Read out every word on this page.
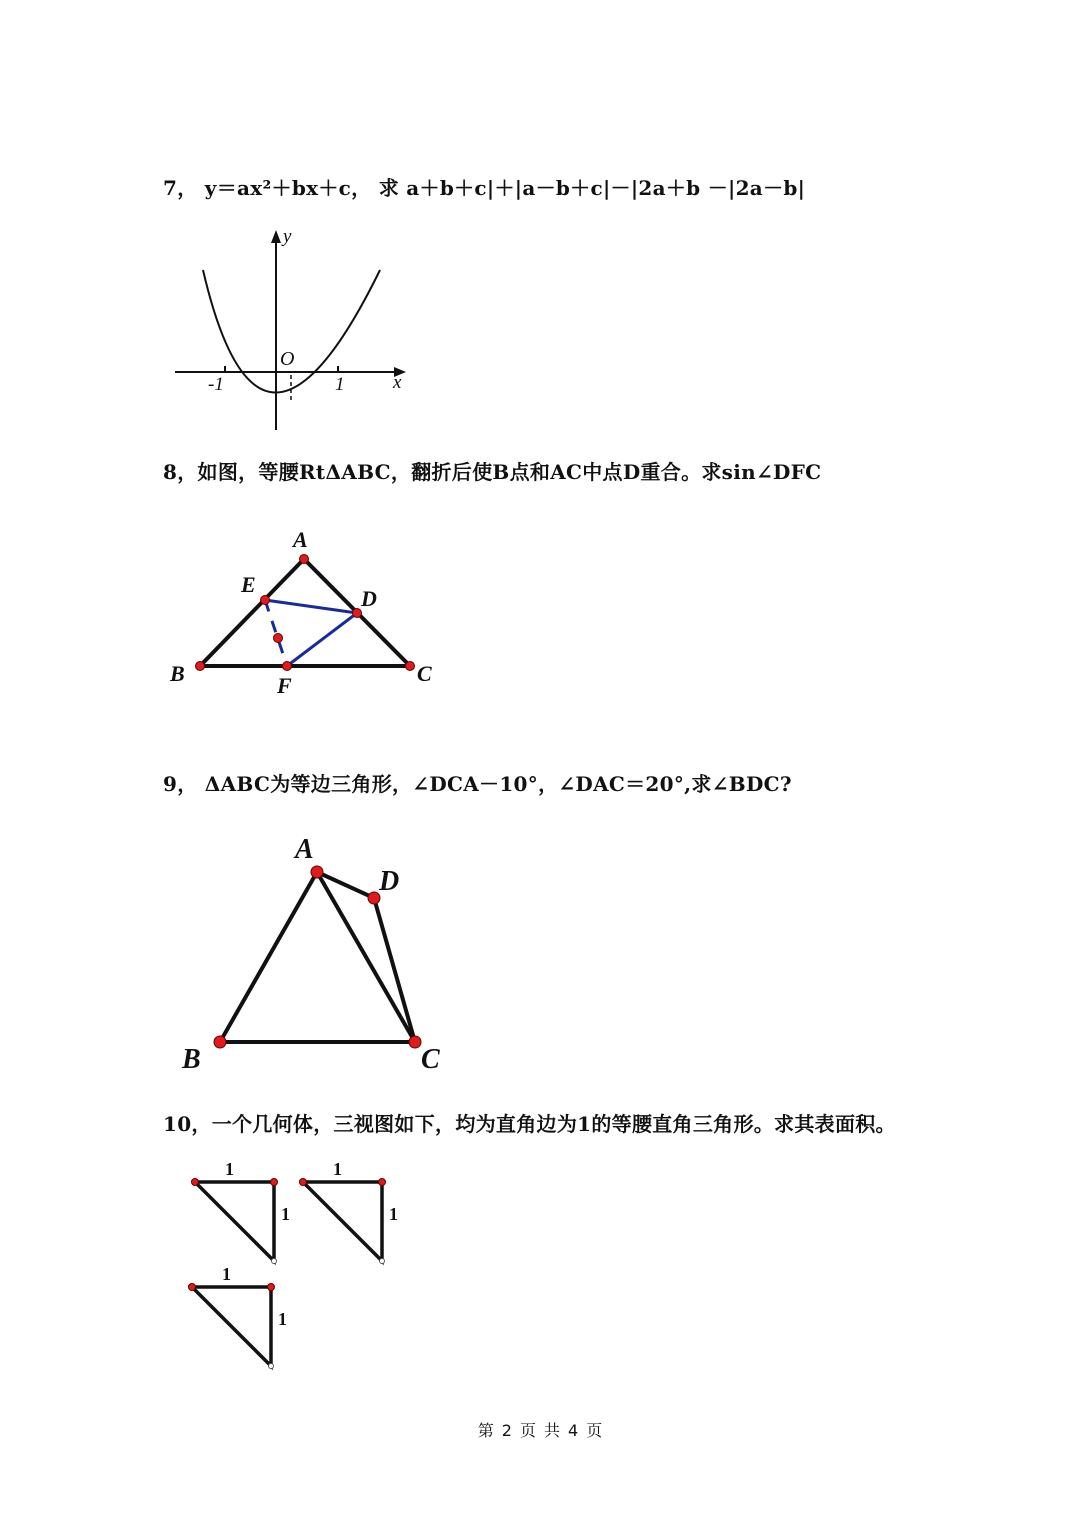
7， y＝ax²＋bx＋c， 求 a＋b＋c|＋|a－b＋c|－|2a＋b －|2a－b|
y
x
O
-1	1
8，如图，等腰RtΔABC，翻折后使B点和AC中点D重合。求sin∠DFC
A
B	C
D
E
F
9， ΔABC为等边三角形，∠DCA－10°，∠DAC＝20°,求∠BDC?
A
B	C
D
10，一个几何体，三视图如下，均为直角边为1的等腰直角三角形。求其表面积。
1
1
1
1
1
1
第 2 页 共 4 页
